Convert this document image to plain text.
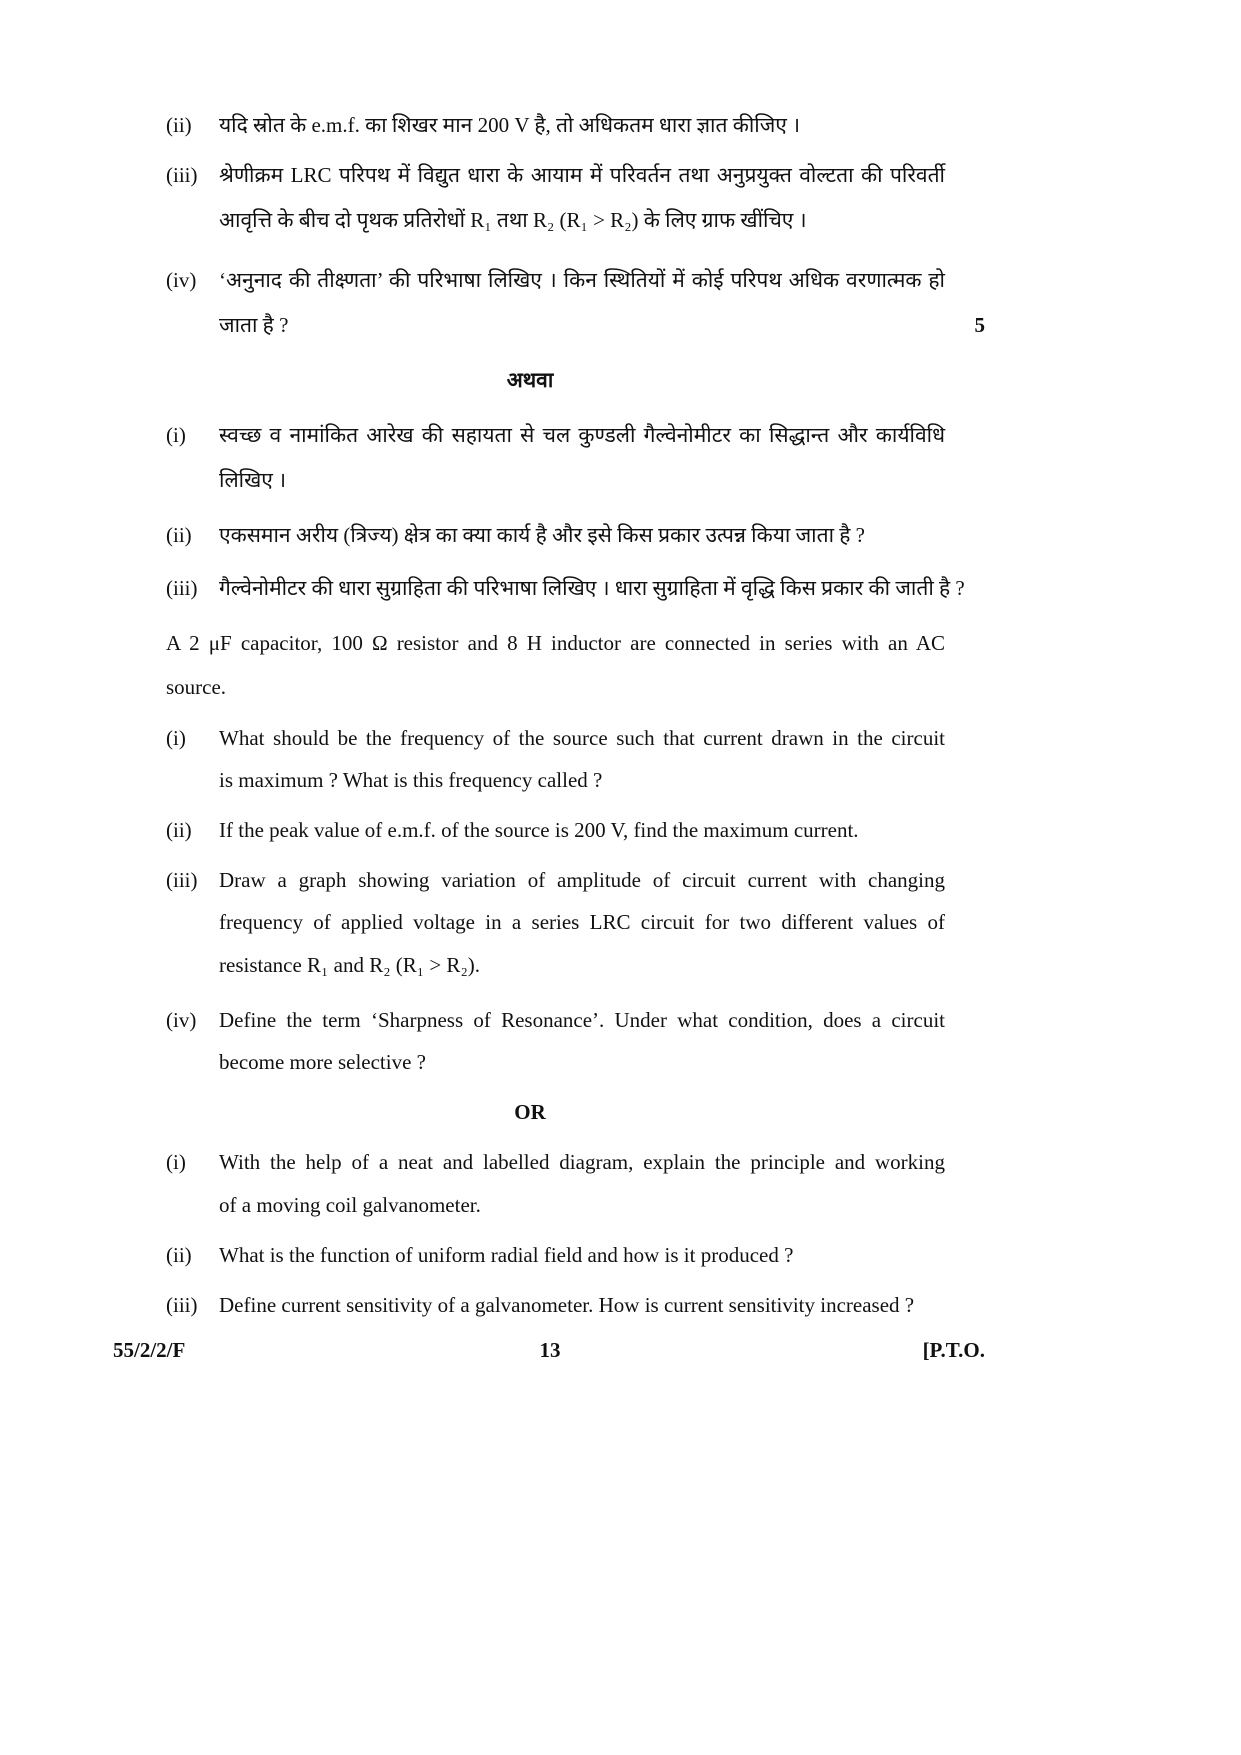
(ii) यदि स्रोत के e.m.f. का शिखर मान 200 V है, तो अधिकतम धारा ज्ञात कीजिए ।
(iii) श्रेणीक्रम LRC परिपथ में विद्युत धारा के आयाम में परिवर्तन तथा अनुप्रयुक्त वोल्टता की परिवर्ती
आवृत्ति के बीच दो पृथक प्रतिरोधों R₁ तथा R₂ (R₁ > R₂) के लिए ग्राफ खींचिए ।
(iv) ‘अनुनाद की तीक्ष्णता’ की परिभाषा लिखिए । किन स्थितियों में कोई परिपथ अधिक वरणात्मक हो
जाता है ?	5
अथवा
(i) स्वच्छ व नामांकित आरेख की सहायता से चल कुण्डली गैल्वेनोमीटर का सिद्धान्त और कार्यविधि
लिखिए ।
(ii) एकसमान अरीय (त्रिज्य) क्षेत्र का क्या कार्य है और इसे किस प्रकार उत्पन्न किया जाता है ?
(iii) गैल्वेनोमीटर की धारा सुग्राहिता की परिभाषा लिखिए । धारा सुग्राहिता में वृद्धि किस प्रकार की जाती है ?
A 2 μF capacitor, 100 Ω resistor and 8 H inductor are connected in series with an AC
source.
(i) What should be the frequency of the source such that current drawn in the circuit
is maximum ? What is this frequency called ?
(ii) If the peak value of e.m.f. of the source is 200 V, find the maximum current.
(iii) Draw a graph showing variation of amplitude of circuit current with changing
frequency of applied voltage in a series LRC circuit for two different values of
resistance R₁ and R₂ (R₁ > R₂).
(iv) Define the term ‘Sharpness of Resonance’. Under what condition, does a circuit
become more selective ?
OR
(i) With the help of a neat and labelled diagram, explain the principle and working
of a moving coil galvanometer.
(ii) What is the function of uniform radial field and how is it produced ?
(iii) Define current sensitivity of a galvanometer. How is current sensitivity increased ?
55/2/2/F	13	[P.T.O.
